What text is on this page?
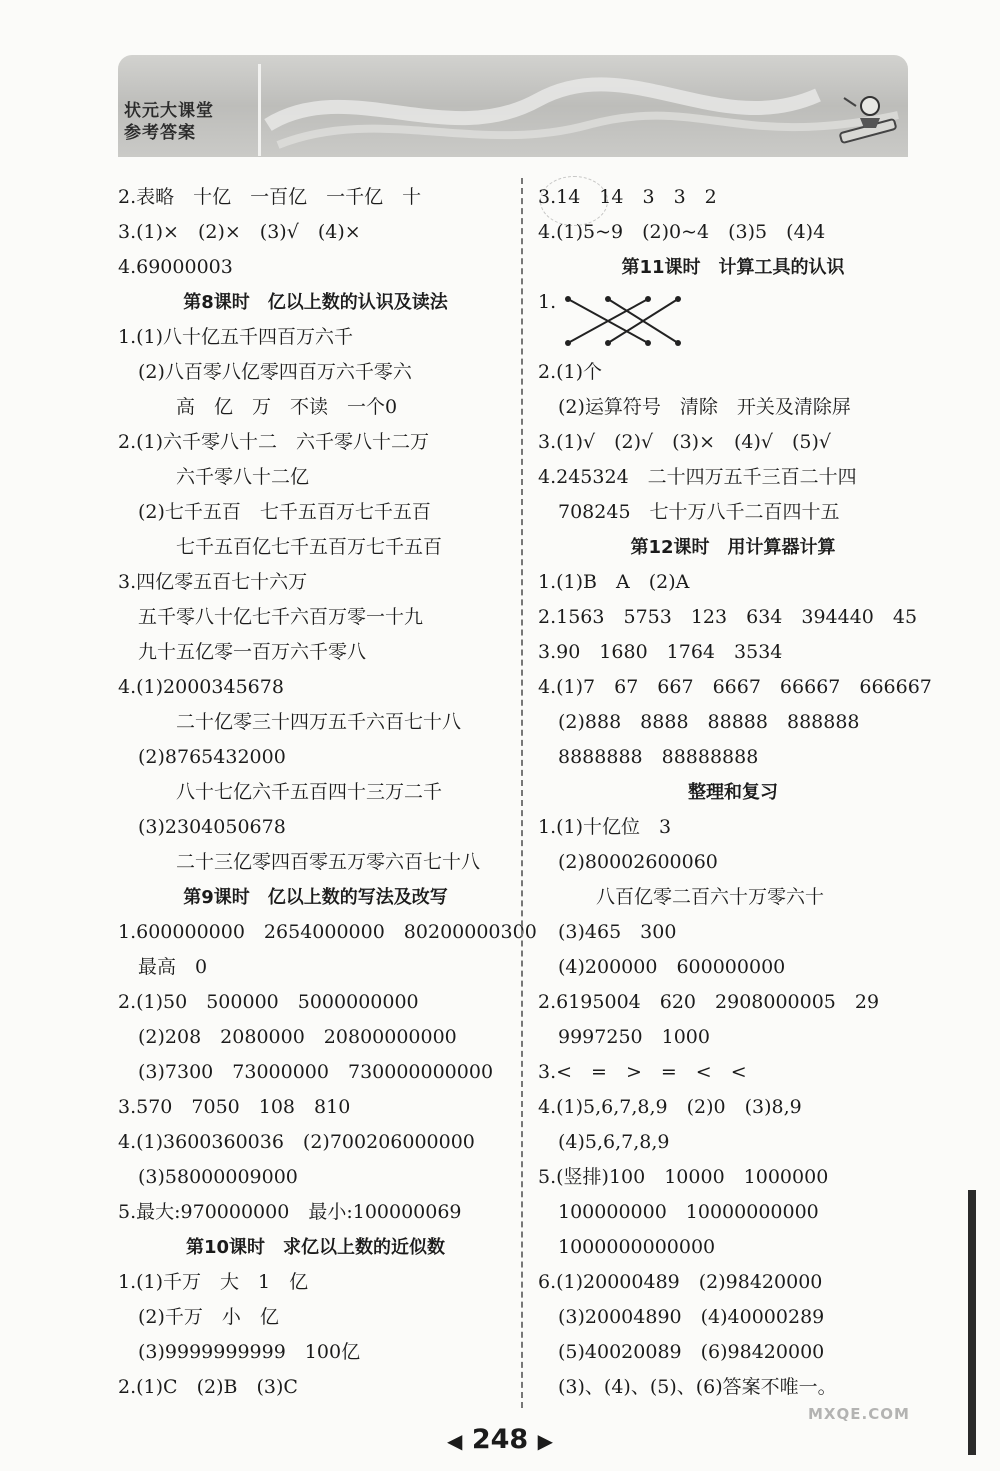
状元大课堂
参考答案
2.表略　十亿　一百亿　一千亿　十
3.(1)×　(2)×　(3)√　(4)×
4.69000003
第8课时　亿以上数的认识及读法
1.(1)八十亿五千四百万六千
(2)八百零八亿零四百万六千零六
高　亿　万　不读　一个0
2.(1)六千零八十二　六千零八十二万
六千零八十二亿
(2)七千五百　七千五百万七千五百
七千五百亿七千五百万七千五百
3.四亿零五百七十六万
五千零八十亿七千六百万零一十九
九十五亿零一百万六千零八
4.(1)2000345678
二十亿零三十四万五千六百七十八
(2)8765432000
八十七亿六千五百四十三万二千
(3)2304050678
二十三亿零四百零五万零六百七十八
第9课时　亿以上数的写法及改写
1.600000000　2654000000　80200000300
最高　0
2.(1)50　500000　5000000000
(2)208　2080000　20800000000
(3)7300　73000000　730000000000
3.570　7050　108　810
4.(1)3600360036　(2)700206000000
(3)58000009000
5.最大:970000000　最小:100000069
第10课时　求亿以上数的近似数
1.(1)千万　大　1　亿
(2)千万　小　亿
(3)9999999999　100亿
2.(1)C　(2)B　(3)C
3.14　14　3　3　2
4.(1)5~9　(2)0~4　(3)5　(4)4
第11课时　计算工具的认识
1.
2.(1)个
(2)运算符号　清除　开关及清除屏
3.(1)√　(2)√　(3)×　(4)√　(5)√
4.245324　二十四万五千三百二十四
708245　七十万八千二百四十五
第12课时　用计算器计算
1.(1)B　A　(2)A
2.1563　5753　123　634　394440　45
3.90　1680　1764　3534
4.(1)7　67　667　6667　66667　666667
(2)888　8888　88888　888888
8888888　88888888
整理和复习
1.(1)十亿位　3
(2)80002600060
八百亿零二百六十万零六十
(3)465　300
(4)200000　600000000
2.6195004　620　2908000005　29
9997250　1000
3.<　=　>　=　<　<
4.(1)5,6,7,8,9　(2)0　(3)8,9
(4)5,6,7,8,9
5.(竖排)100　10000　1000000
100000000　10000000000
1000000000000
6.(1)20000489　(2)98420000
(3)20004890　(4)40000289
(5)40020089　(6)98420000
(3)、(4)、(5)、(6)答案不唯一。
◀ 248 ▶
MXQE.COM
